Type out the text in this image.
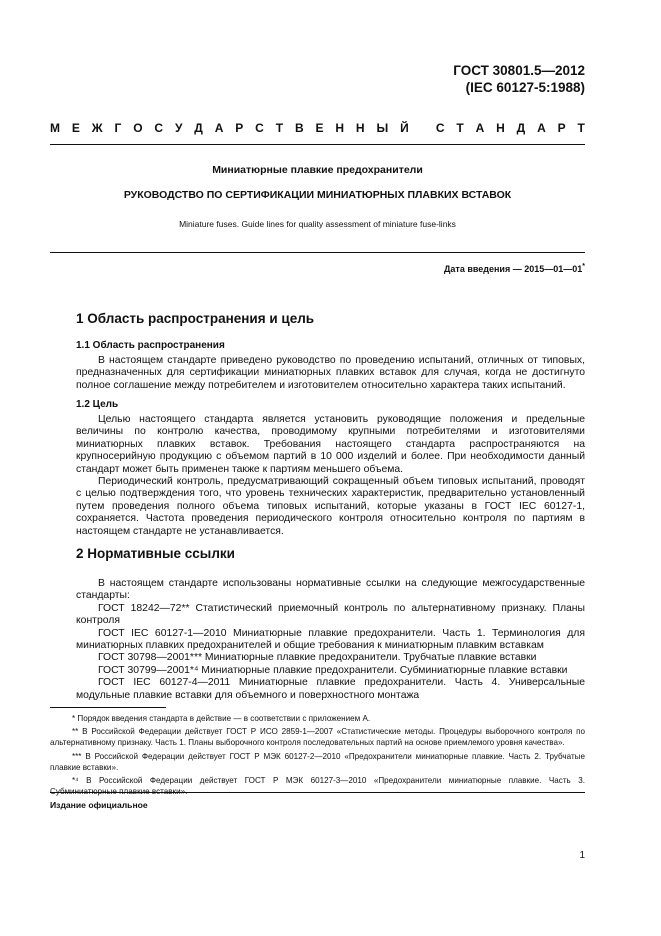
ГОСТ 30801.5—2012
(IEC 60127-5:1988)
М Е Ж Г О С У Д А Р С Т В Е Н Н Ы Й
С Т А Н Д А Р Т
Миниатюрные плавкие предохранители
РУКОВОДСТВО ПО СЕРТИФИКАЦИИ МИНИАТЮРНЫХ ПЛАВКИХ ВСТАВОК
Miniature fuses. Guide lines for quality assessment of miniature fuse-links
Дата введения — 2015—01—01*
1 Область распространения и цель
1.1 Область распространения
В настоящем стандарте приведено руководство по проведению испытаний, отличных от типовых, предназначенных для сертификации миниатюрных плавких вставок для случая, когда не достигнуто полное соглашение между потребителем и изготовителем относительно характера таких испытаний.
1.2 Цель

Целью настоящего стандарта является установить руководящие положения и предельные величины по контролю качества, проводимому крупными потребителями и изготовителями миниатюрных плавких вставок. Требования настоящего стандарта распространяются на крупносерийную продукцию с объемом партий в 10 000 изделий и более. При необходимости данный стандарт может быть применен также к партиям меньшего объема.

Периодический контроль, предусматривающий сокращенный объем типовых испытаний, проводят с целью подтверждения того, что уровень технических характеристик, предварительно установленный путем проведения полного объема типовых испытаний, которые указаны в ГОСТ IEC 60127-1, сохраняется. Частота проведения периодического контроля относительно контроля по партиям в настоящем стандарте не устанавливается.

2 Нормативные ссылки

В настоящем стандарте использованы нормативные ссылки на следующие межгосударственные стандарты:

ГОСТ 18242—72** Статистический приемочный контроль по альтернативному признаку. Планы контроля

ГОСТ IEC 60127-1—2010 Миниатюрные плавкие предохранители. Часть 1. Терминология для миниатюрных плавких предохранителей и общие требования к миниатюрным плавким вставкам

ГОСТ 30798—2001*** Миниатюрные плавкие предохранители. Трубчатые плавкие вставки

ГОСТ 30799—2001*⁴ Миниатюрные плавкие предохранители. Субминиатюрные плавкие вставки

ГОСТ IEC 60127-4—2011 Миниатюрные плавкие предохранители. Часть 4. Универсальные модульные плавкие вставки для объемного и поверхностного монтажа

* Порядок введения стандарта в действие — в соответствии с приложением А.

** В Российской Федерации действует ГОСТ Р ИСО 2859-1—2007 «Статистические методы. Процедуры выборочного контроля по альтернативному признаку. Часть 1. Планы выборочного контроля последовательных партий на основе приемлемого уровня качества».

*** В Российской Федерации действует ГОСТ Р МЭК 60127-2—2010 «Предохранители миниатюрные плавкие. Часть 2. Трубчатые плавкие вставки».

*⁴ В Российской Федерации действует ГОСТ Р МЭК 60127-3—2010 «Предохранители миниатюрные плавкие. Часть 3. Субминиатюрные плавкие вставки».

Издание официальное
1
